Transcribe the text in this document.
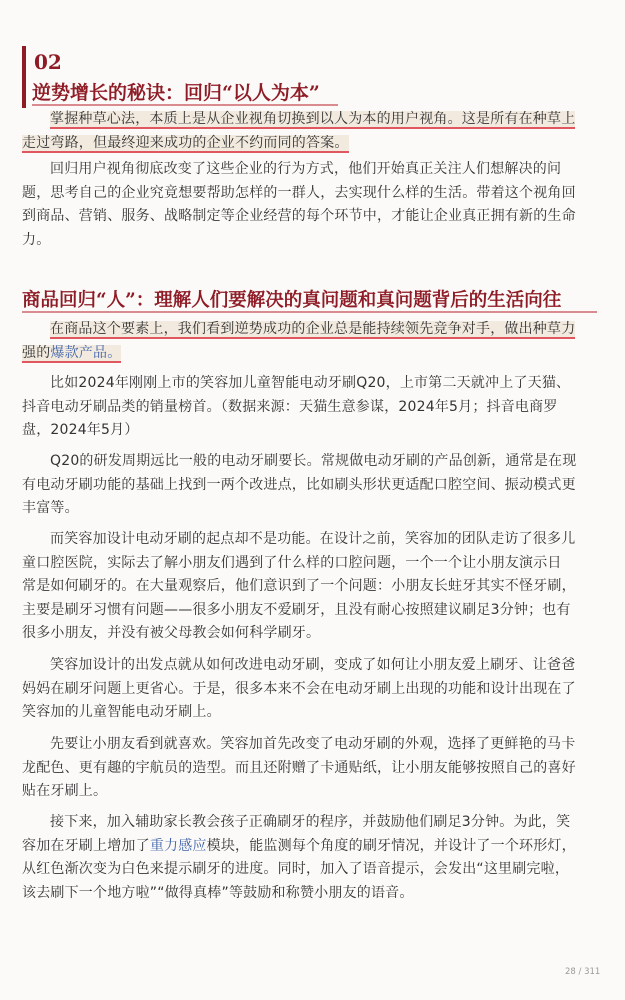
02
逆势增长的秘诀：回归“以人为本”
掌握种草心法，本质上是从企业视角切换到以人为本的用户视角。这是所有在种草上
走过弯路，但最终迎来成功的企业不约而同的答案。
回归用户视角彻底改变了这些企业的行为方式，他们开始真正关注人们想解决的问
题，思考自己的企业究竟想要帮助怎样的一群人，去实现什么样的生活。带着这个视角回
到商品、营销、服务、战略制定等企业经营的每个环节中，才能让企业真正拥有新的生命
力。
商品回归“人”：理解人们要解决的真问题和真问题背后的生活向往
在商品这个要素上，我们看到逆势成功的企业总是能持续领先竞争对手，做出种草力
强的爆款产品。
比如2024年刚刚上市的笑容加儿童智能电动牙刷Q20，上市第二天就冲上了天猫、
抖音电动牙刷品类的销量榜首。（数据来源：天猫生意参谋，2024年5月；抖音电商罗
盘，2024年5月）
Q20的研发周期远比一般的电动牙刷要长。常规做电动牙刷的产品创新，通常是在现
有电动牙刷功能的基础上找到一两个改进点，比如刷头形状更适配口腔空间、振动模式更
丰富等。
而笑容加设计电动牙刷的起点却不是功能。在设计之前，笑容加的团队走访了很多儿
童口腔医院，实际去了解小朋友们遇到了什么样的口腔问题，一个一个让小朋友演示日
常是如何刷牙的。在大量观察后，他们意识到了一个问题：小朋友长蛀牙其实不怪牙刷，
主要是刷牙习惯有问题——很多小朋友不爱刷牙，且没有耐心按照建议刷足3分钟；也有
很多小朋友，并没有被父母教会如何科学刷牙。
笑容加设计的出发点就从如何改进电动牙刷，变成了如何让小朋友爱上刷牙、让爸爸
妈妈在刷牙问题上更省心。于是，很多本来不会在电动牙刷上出现的功能和设计出现在了
笑容加的儿童智能电动牙刷上。
先要让小朋友看到就喜欢。笑容加首先改变了电动牙刷的外观，选择了更鲜艳的马卡
龙配色、更有趣的宇航员的造型。而且还附赠了卡通贴纸，让小朋友能够按照自己的喜好
贴在牙刷上。
接下来，加入辅助家长教会孩子正确刷牙的程序，并鼓励他们刷足3分钟。为此，笑
容加在牙刷上增加了重力感应模块，能监测每个角度的刷牙情况，并设计了一个环形灯，
从红色渐次变为白色来提示刷牙的进度。同时，加入了语音提示，会发出“这里刷完啦，
该去刷下一个地方啦”“做得真棒”等鼓励和称赞小朋友的语音。
28 / 311
